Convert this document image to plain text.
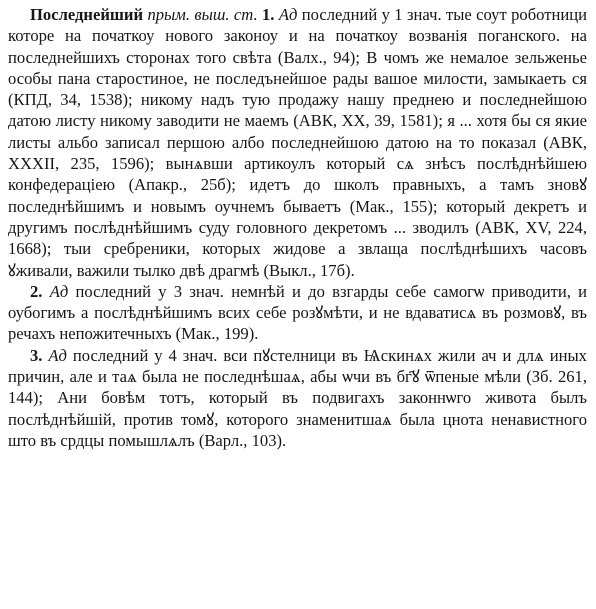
Последнейший прым. выш. ст. 1. Ад последний у 1 знач. тые соут роботници которе на початкоу нового законоу и на початкоу возванія поганского. на последнейшихъ сторонах того свѣта (Валх., 94); В чомъ же немалое зельженье особы пана старостиное, не последънейшое рады вашое милости, замыкаеть ся (КПД, 34, 1538); никому надъ тую продажу нашу преднею и последнейшою датою листу никому заводити не маемъ (АВК, XX, 39, 1581); я ... хотя бы ся якие листы альбо записал першою албо последнейшою датою на то показал (АВК, XXXII, 235, 1596); вынѧвши артикоулъ который сѧ знѣсъ послѣднѣйшею конфедераціею (Апакр., 25б); идетъ до школъ правныхъ, а тамъ зновꙋ последнѣйшимъ и новымъ оучнемъ бываетъ (Мак., 155); который декретъ и другимъ послѣднѣйшимъ суду головного декретомъ ... зводилъ (АВК, XV, 224, 1668); тыи сребреники, которых жидове а звлаща послѣднѣшихъ часовъ ꙋживали, важили тылко двѣ драгмѣ (Выкл., 17б).

2. Ад последний у 3 знач. немнѣй и до взгарды себе самогѡ приводити, и оубогимъ а послѣднѣйшимъ всих себе розꙋмѣти, и не вдаватисѧ въ розмовꙋ, въ речахъ непожитечныхъ (Мак., 199).

3. Ад последний у 4 знач. вси пꙋстелници въ Ѩскинѧх жили ач и длѧ иных причин, але и таѧ была не последнѣшаѧ, абы ѡчи въ бг҃ꙋ ѿпеные мѣли (Зб. 261, 144); Ани бовѣм тотъ, который въ подвигахъ законнѡго живота былъ послѣднѣйшій, против томꙋ, которого знаменитшаѧ была цнота ненавистного што въ срдцы помышлѧлъ (Варл., 103).
